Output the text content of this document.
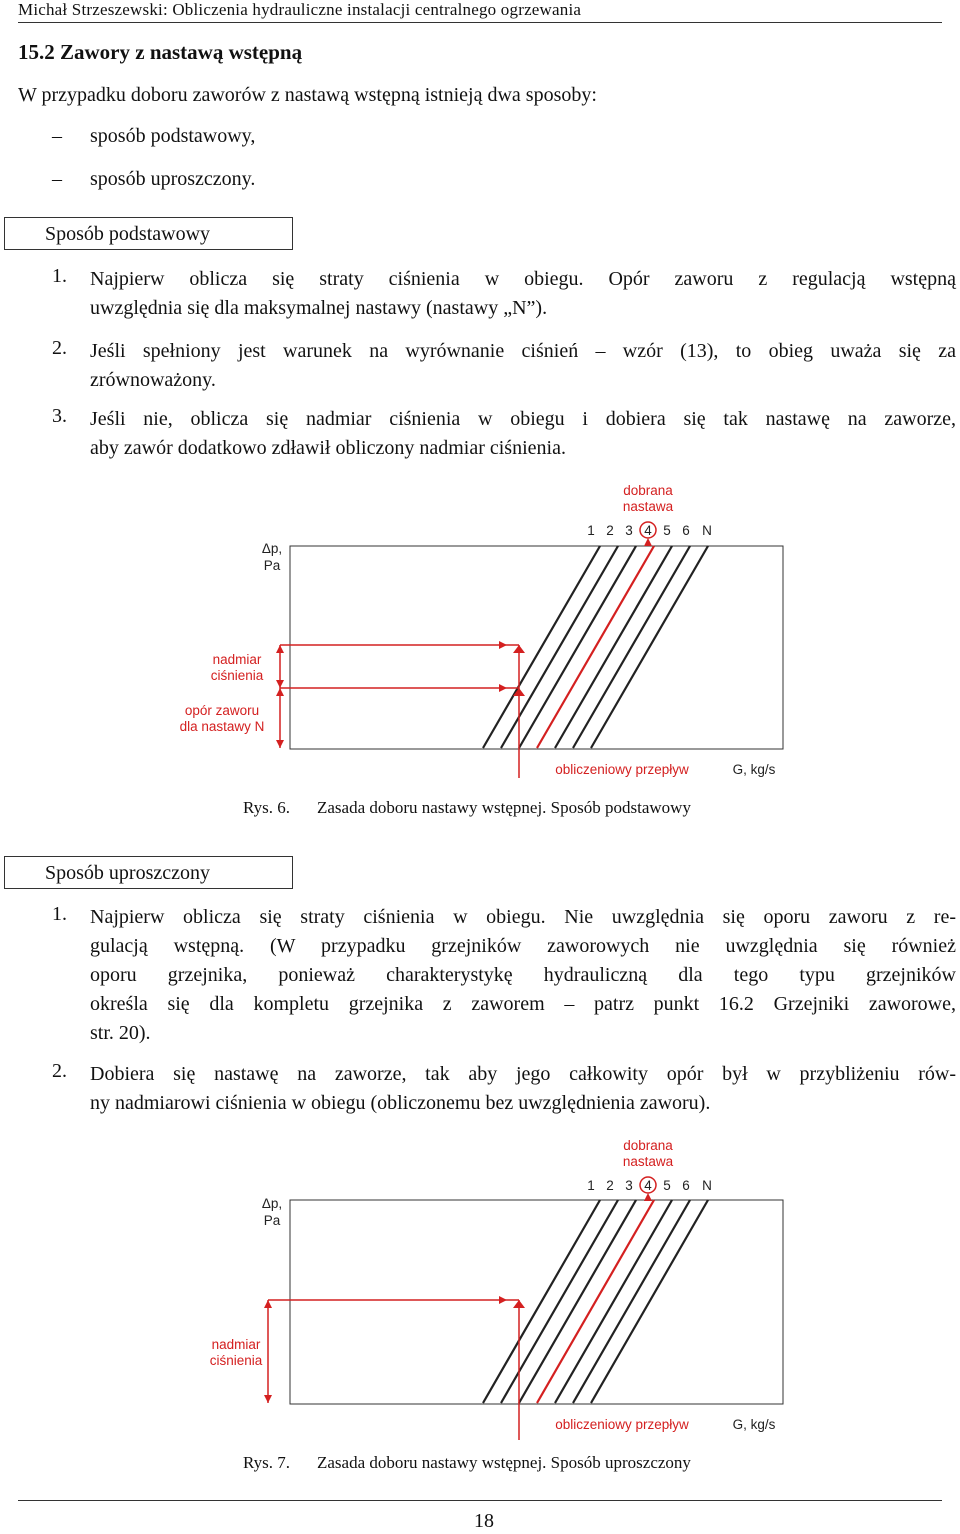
Michał Strzeszewski: Obliczenia hydrauliczne instalacji centralnego ogrzewania
15.2 Zawory z nastawą wstępną
W przypadku doboru zaworów z nastawą wstępną istnieją dwa sposoby:
– sposób podstawowy,
– sposób uproszczony.
Sposób podstawowy
1. Najpierw oblicza się straty ciśnienia w obiegu. Opór zaworu z regulacją wstępną
uwzględnia się dla maksymalnej nastawy (nastawy „N”).
2. Jeśli spełniony jest warunek na wyrównanie ciśnień – wzór (13), to obieg uważa się za
zrównoważony.
3. Jeśli nie, oblicza się nadmiar ciśnienia w obiegu i dobiera się tak nastawę na zaworze,
aby zawór dodatkowo zdławił obliczony nadmiar ciśnienia.
dobrana
nastawa
1 2 3 4 5 6 N
Δp,
Pa
nadmiar
ciśnienia
opór zaworu
dla nastawy N
obliczeniowy przepływ	G, kg/s
Rys. 6. Zasada doboru nastawy wstępnej. Sposób podstawowy
Sposób uproszczony
1. Najpierw oblicza się straty ciśnienia w obiegu. Nie uwzględnia się oporu zaworu z re-
gulacją wstępną. (W przypadku grzejników zaworowych nie uwzględnia się również
oporu grzejnika, ponieważ charakterystykę hydrauliczną dla tego typu grzejników
określa się dla kompletu grzejnika z zaworem – patrz punkt 16.2 Grzejniki zaworowe,
str. 20).
2. Dobiera się nastawę na zaworze, tak aby jego całkowity opór był w przybliżeniu rów-
ny nadmiarowi ciśnienia w obiegu (obliczonemu bez uwzględnienia zaworu).
dobrana
nastawa
1 2 3 4 5 6 N
Δp,
Pa
nadmiar
ciśnienia
obliczeniowy przepływ	G, kg/s
Rys. 7. Zasada doboru nastawy wstępnej. Sposób uproszczony
18
